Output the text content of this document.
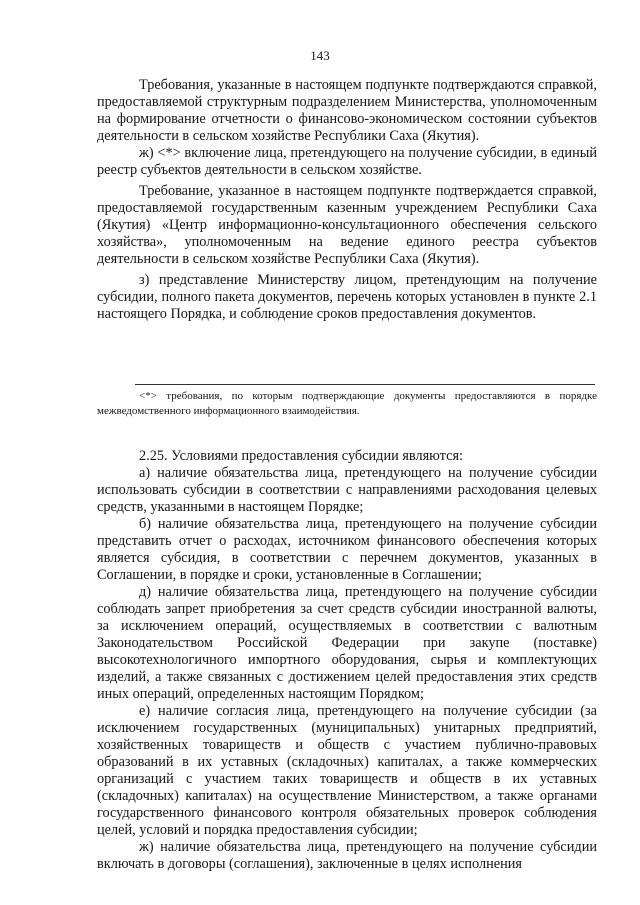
143

Требования, указанные в настоящем подпункте подтверждаются справкой, предоставляемой структурным подразделением Министерства, уполномоченным на формирование отчетности о финансово-экономическом состоянии субъектов деятельности в сельском хозяйстве Республики Саха (Якутия).

ж) <*> включение лица, претендующего на получение субсидии, в единый реестр субъектов деятельности в сельском хозяйстве.

Требование, указанное в настоящем подпункте подтверждается справкой, предоставляемой государственным казенным учреждением Республики Саха (Якутия) «Центр информационно-консультационного обеспечения сельского хозяйства», уполномоченным на ведение единого реестра субъектов деятельности в сельском хозяйстве Республики Саха (Якутия).

з) представление Министерству лицом, претендующим на получение субсидии, полного пакета документов, перечень которых установлен в пункте 2.1 настоящего Порядка, и соблюдение сроков предоставления документов.

<*> требования, по которым подтверждающие документы предоставляются в порядке межведомственного информационного взаимодействия.

2.25. Условиями предоставления субсидии являются:

а) наличие обязательства лица, претендующего на получение субсидии использовать субсидии в соответствии с направлениями расходования целевых средств, указанными в настоящем Порядке;

б) наличие обязательства лица, претендующего на получение субсидии представить отчет о расходах, источником финансового обеспечения которых является субсидия, в соответствии с перечнем документов, указанных в Соглашении, в порядке и сроки, установленные в Соглашении;

д) наличие обязательства лица, претендующего на получение субсидии соблюдать запрет приобретения за счет средств субсидии иностранной валюты, за исключением операций, осуществляемых в соответствии с валютным Законодательством Российской Федерации при закупе (поставке) высокотехнологичного импортного оборудования, сырья и комплектующих изделий, а также связанных с достижением целей предоставления этих средств иных операций, определенных настоящим Порядком;

е) наличие согласия лица, претендующего на получение субсидии (за исключением государственных (муниципальных) унитарных предприятий, хозяйственных товариществ и обществ с участием публично-правовых образований в их уставных (складочных) капиталах, а также коммерческих организаций с участием таких товариществ и обществ в их уставных (складочных) капиталах) на осуществление Министерством, а также органами государственного финансового контроля обязательных проверок соблюдения целей, условий и порядка предоставления субсидии;

ж) наличие обязательства лица, претендующего на получение субсидии включать в договоры (соглашения), заключенные в целях исполнения
